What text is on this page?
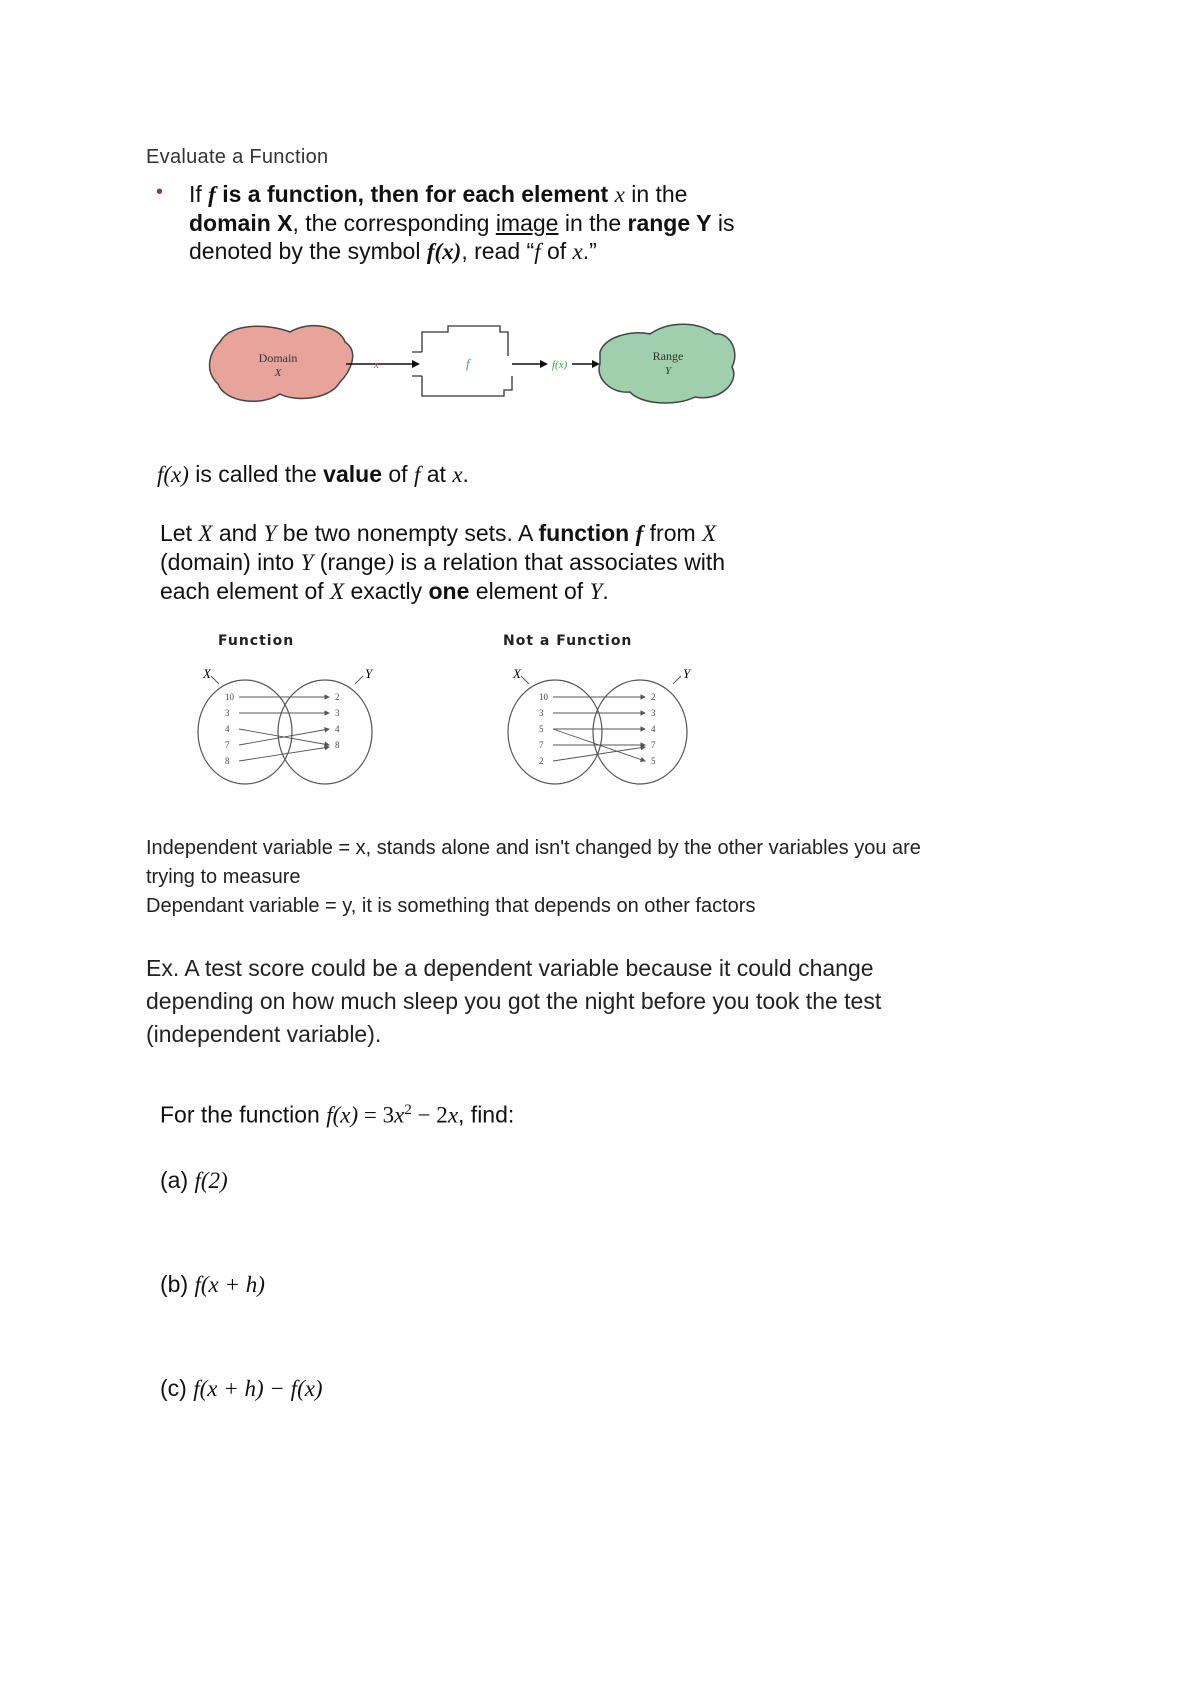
Evaluate a Function
• If f is a function, then for each element x in the
domain X, the corresponding image in the range Y is
denoted by the symbol f(x), read “f of x.”
Domain
X
x	f	f(x)
Range
Y
f(x) is called the value of f at x.
Let X and Y be two nonempty sets. A function f from X
(domain) into Y (range) is a relation that associates with
each element of X exactly one element of Y.
Function	Not a Function
X	Y
10
3
4
7
8
2
3
4
8
X	Y
10
3
5
7
2
2
3
4
7
5
Independent variable = x, stands alone and isn't changed by the other variables you are
trying to measure
Dependant variable = y, it is something that depends on other factors
Ex. A test score could be a dependent variable because it could change
depending on how much sleep you got the night before you took the test
(independent variable).
For the function $f(x) = 3x^2 - 2x$, find:
(a) f(2)
(b) f(x + h)
(c) f(x + h) − f(x)
